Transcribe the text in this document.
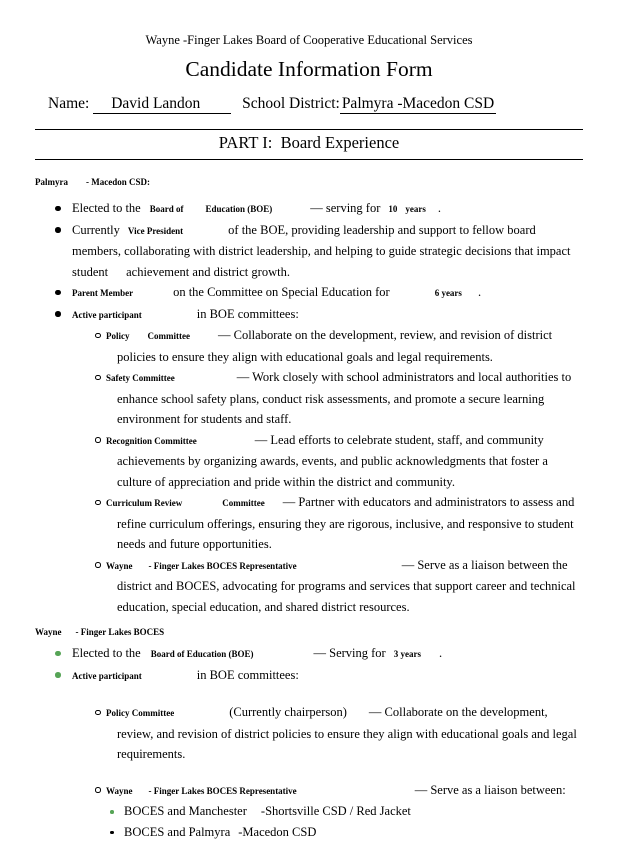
Wayne -Finger Lakes Board of Cooperative Educational Services
Candidate Information Form
Name: David Landon	School District: Palmyra -Macedon CSD
PART I:  Board Experience
Palmyra - Macedon CSD:
Elected to the Board of Education (BOE)	— serving for 10 years .
Currently Vice President	of the BOE, providing leadership and support to fellow board members, collaborating with district leadership, and helping to guide strategic decisions that impact student achievement and district growth.
Parent Member	on the Committee on Special Education for	6 years .
Active participant	in BOE committees:
Policy Committee — Collaborate on the development, review, and revision of district policies to ensure they align with educational goals and legal requirements.
Safety Committee	— Work closely with school administrators and local authorities to enhance school safety plans, conduct risk assessments, and promote a secure learning environment for students and staff.
Recognition Committee	— Lead efforts to celebrate student, staff, and community achievements by organizing awards, events, and public acknowledgments that foster a culture of appreciation and pride within the district and community.
Curriculum Review	Committee — Partner with educators and administrators to assess and refine curriculum offerings, ensuring they are rigorous, inclusive, and responsive to student needs and future opportunities.
Wayne - Finger Lakes BOCES Representative	— Serve as a liaison between the district and BOCES, advocating for programs and services that support career and technical education, special education, and shared district resources.
Wayne - Finger Lakes BOCES
Elected to the Board of Education (BOE)	— Serving for 3 years .
Active participant	in BOE committees:
Policy Committee	(Currently chairperson) — Collaborate on the development, review, and revision of district policies to ensure they align with educational goals and legal requirements.
Wayne - Finger Lakes BOCES Representative	— Serve as a liaison between:
BOCES and Manchester -Shortsville CSD / Red Jacket
BOCES and Palmyra -Macedon CSD
